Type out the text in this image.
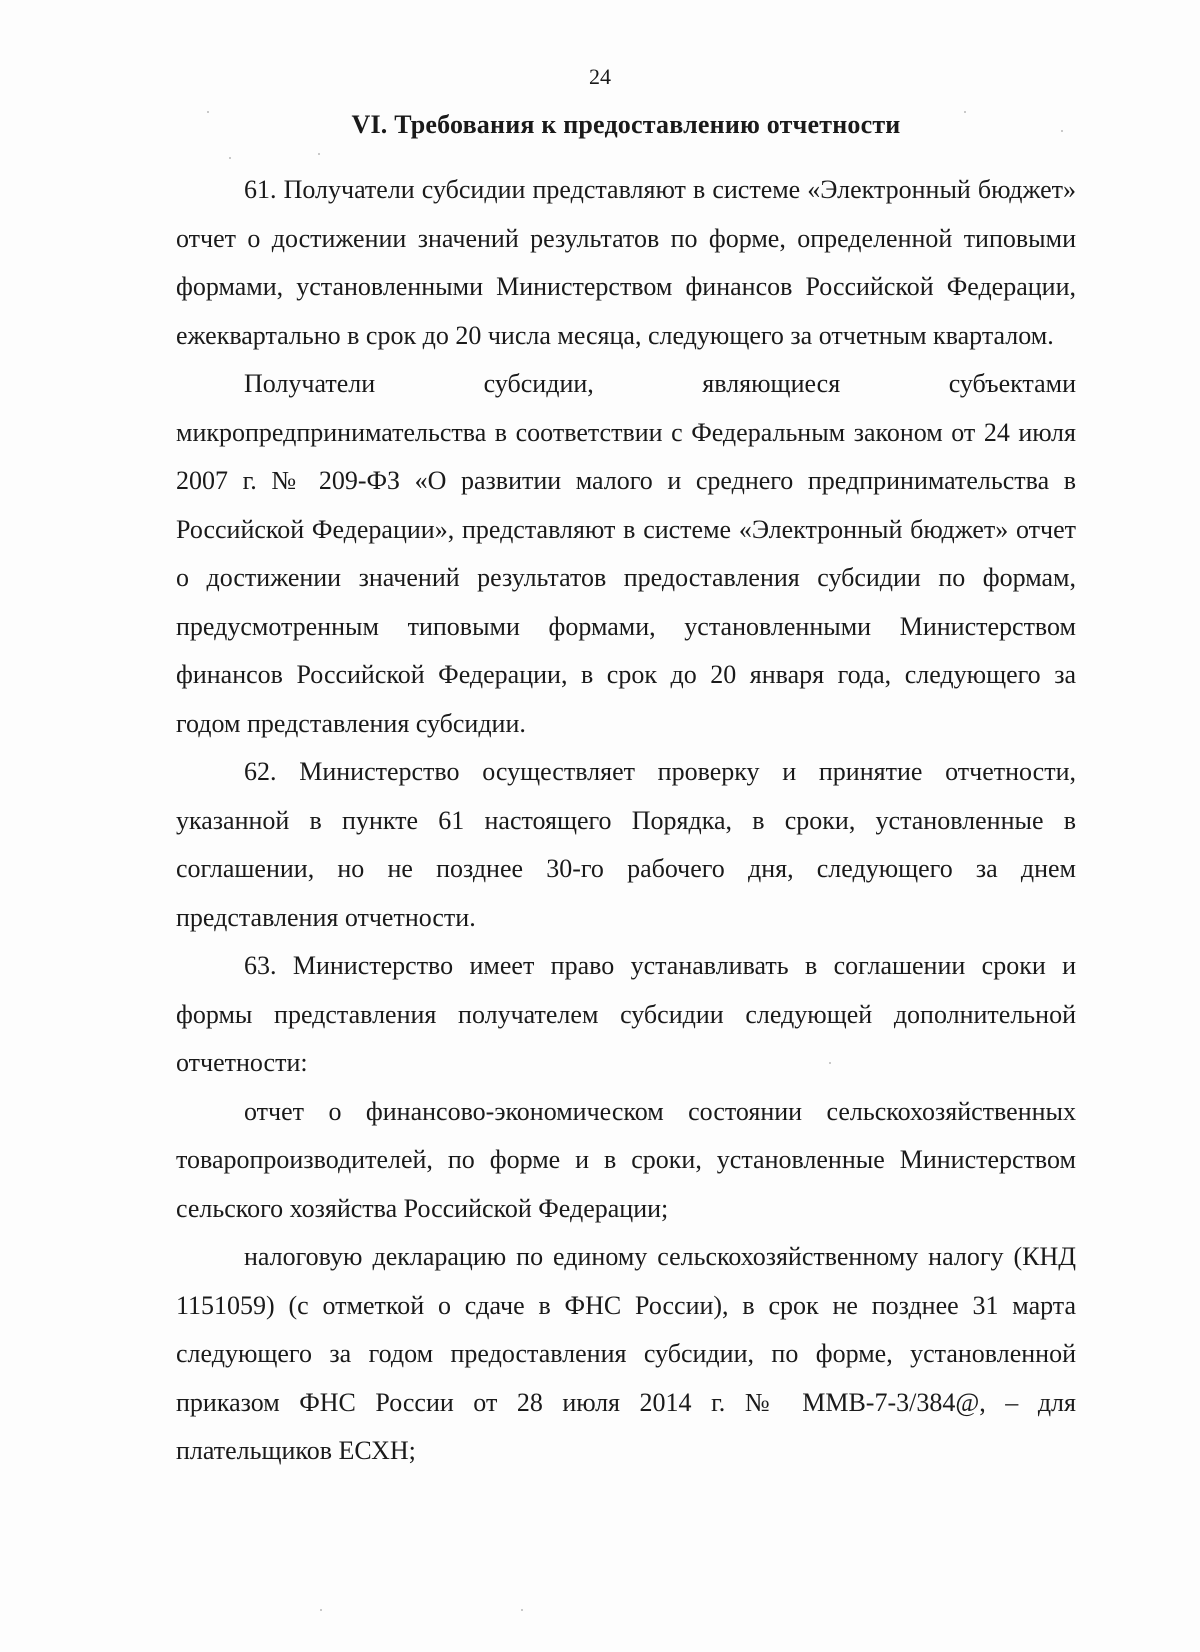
24
VI. Требования к предоставлению отчетности

61. Получатели субсидии представляют в системе «Электронный бюджет» отчет о достижении значений результатов по форме, определенной типовыми формами, установленными Министерством финансов Российской Федерации, ежеквартально в срок до 20 числа месяца, следующего за отчетным кварталом.

Получатели субсидии, являющиеся субъектами микропредпринимательства в соответствии с Федеральным законом от 24 июля 2007 г. № 209-ФЗ «О развитии малого и среднего предпринимательства в Российской Федерации», представляют в системе «Электронный бюджет» отчет о достижении значений результатов предоставления субсидии по формам, предусмотренным типовыми формами, установленными Министерством финансов Российской Федерации, в срок до 20 января года, следующего за годом представления субсидии.

62. Министерство осуществляет проверку и принятие отчетности, указанной в пункте 61 настоящего Порядка, в сроки, установленные в соглашении, но не позднее 30-го рабочего дня, следующего за днем представления отчетности.

63. Министерство имеет право устанавливать в соглашении сроки и формы представления получателем субсидии следующей дополнительной отчетности:

отчет о финансово-экономическом состоянии сельскохозяйственных товаропроизводителей, по форме и в сроки, установленные Министерством сельского хозяйства Российской Федерации;

налоговую декларацию по единому сельскохозяйственному налогу (КНД 1151059) (с отметкой о сдаче в ФНС России), в срок не позднее 31 марта следующего за годом предоставления субсидии, по форме, установленной приказом ФНС России от 28 июля 2014 г. № ММВ-7-3/384@, – для плательщиков ЕСХН;
